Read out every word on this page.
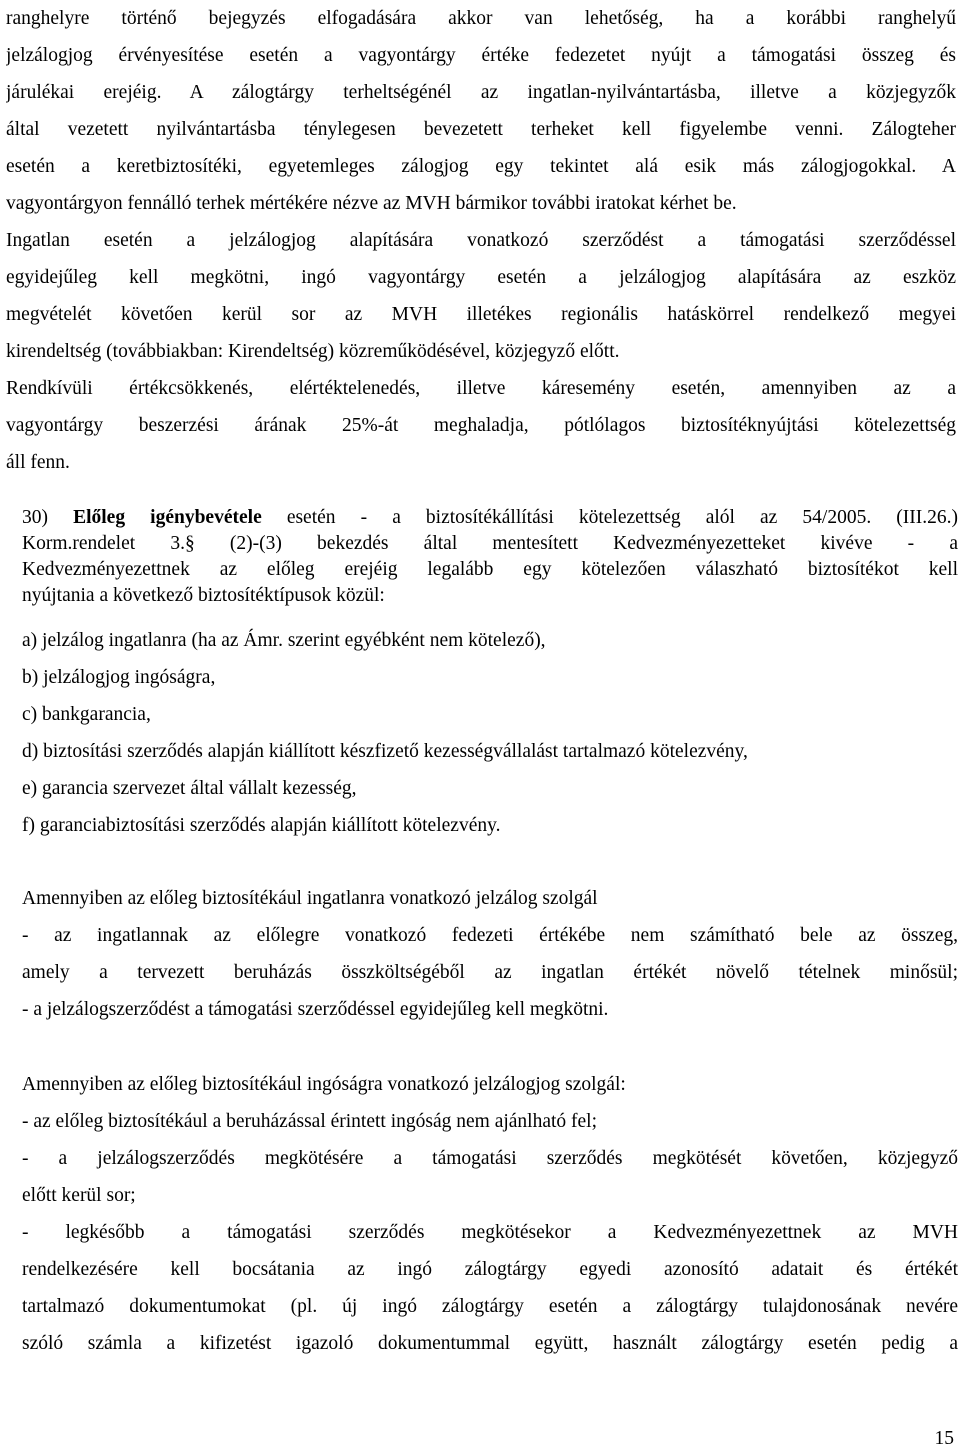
ranghelyre történő bejegyzés elfogadására akkor van lehetőség, ha a korábbi ranghelyű
jelzálogjog érvényesítése esetén a vagyontárgy értéke fedezetet nyújt a támogatási összeg és
járulékai erejéig. A zálogtárgy terheltségénél az ingatlan-nyilvántartásba, illetve a közjegyzők
által vezetett nyilvántartásba ténylegesen bevezetett terheket kell figyelembe venni. Zálogteher
esetén a keretbiztosítéki, egyetemleges zálogjog egy tekintet alá esik más zálogjogokkal. A
vagyontárgyon fennálló terhek mértékére nézve az MVH bármikor további iratokat kérhet be.
Ingatlan esetén a jelzálogjog alapítására vonatkozó szerződést a támogatási szerződéssel
egyidejűleg kell megkötni, ingó vagyontárgy esetén a jelzálogjog alapítására az eszköz
megvételét követően kerül sor az MVH illetékes regionális hatáskörrel rendelkező megyei
kirendeltség (továbbiakban: Kirendeltség) közreműködésével, közjegyző előtt.
Rendkívüli értékcsökkenés, elértéktelenedés, illetve káresemény esetén, amennyiben az a
vagyontárgy beszerzési árának 25%-át meghaladja, pótlólagos biztosítéknyújtási kötelezettség
áll fenn.
30) Előleg igénybevétele esetén - a biztosítékállítási kötelezettség alól az 54/2005. (III.26.)
Korm.rendelet 3.§ (2)-(3) bekezdés által mentesített Kedvezményezetteket kivéve - a
Kedvezményezettnek az előleg erejéig legalább egy kötelezően válaszható biztosítékot kell
nyújtania a következő biztosítéktípusok közül:
a) jelzálog ingatlanra (ha az Ámr. szerint egyébként nem kötelező),
b) jelzálogjog ingóságra,
c) bankgarancia,
d) biztosítási szerződés alapján kiállított készfizető kezességvállalást tartalmazó kötelezvény,
e) garancia szervezet által vállalt kezesség,
f) garanciabiztosítási szerződés alapján kiállított kötelezvény.
Amennyiben az előleg biztosítékául ingatlanra vonatkozó jelzálog szolgál
- az ingatlannak az előlegre vonatkozó fedezeti értékébe nem számítható bele az összeg,
amely a tervezett beruházás összköltségéből az ingatlan értékét növelő tételnek minősül;
- a jelzálogszerződést a támogatási szerződéssel egyidejűleg kell megkötni.
Amennyiben az előleg biztosítékául ingóságra vonatkozó jelzálogjog szolgál:
- az előleg biztosítékául a beruházással érintett ingóság nem ajánlható fel;
- a jelzálogszerződés megkötésére a támogatási szerződés megkötését követően, közjegyző
előtt kerül sor;
- legkésőbb a támogatási szerződés megkötésekor a Kedvezményezettnek az MVH
rendelkezésére kell bocsátania az ingó zálogtárgy egyedi azonosító adatait és értékét
tartalmazó dokumentumokat (pl. új ingó zálogtárgy esetén a zálogtárgy tulajdonosának nevére
szóló számla a kifizetést igazoló dokumentummal együtt, használt zálogtárgy esetén pedig a
15
